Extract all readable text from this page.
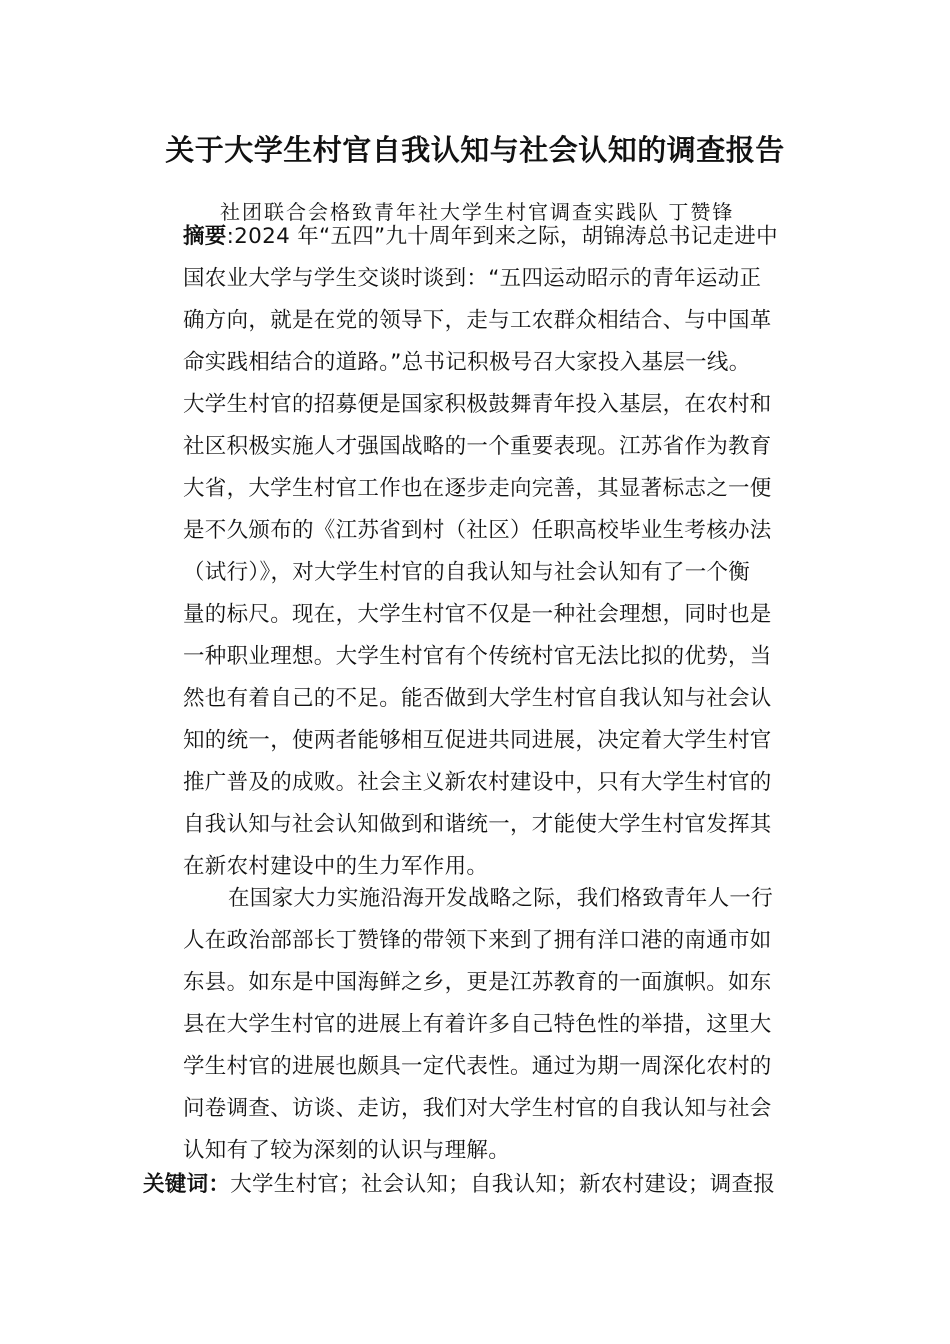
关于大学生村官自我认知与社会认知的调查报告
社团联合会格致青年社大学生村官调查实践队 丁赞锋
摘要:2024 年“五四”九十周年到来之际，胡锦涛总书记走进中
国农业大学与学生交谈时谈到：“五四运动昭示的青年运动正
确方向，就是在党的领导下，走与工农群众相结合、与中国革
命实践相结合的道路。”总书记积极号召大家投入基层一线。
大学生村官的招募便是国家积极鼓舞青年投入基层，在农村和
社区积极实施人才强国战略的一个重要表现。江苏省作为教育
大省，大学生村官工作也在逐步走向完善，其显著标志之一便
是不久颁布的《江苏省到村（社区）任职高校毕业生考核办法
（试行）》，对大学生村官的自我认知与社会认知有了一个衡
量的标尺。现在，大学生村官不仅是一种社会理想，同时也是
一种职业理想。大学生村官有个传统村官无法比拟的优势，当
然也有着自己的不足。能否做到大学生村官自我认知与社会认
知的统一，使两者能够相互促进共同进展，决定着大学生村官
推广普及的成败。社会主义新农村建设中，只有大学生村官的
自我认知与社会认知做到和谐统一，才能使大学生村官发挥其
在新农村建设中的生力军作用。
在国家大力实施沿海开发战略之际，我们格致青年人一行
人在政治部部长丁赞锋的带领下来到了拥有洋口港的南通市如
东县。如东是中国海鲜之乡，更是江苏教育的一面旗帜。如东
县在大学生村官的进展上有着许多自己特色性的举措，这里大
学生村官的进展也颇具一定代表性。通过为期一周深化农村的
问卷调查、访谈、走访，我们对大学生村官的自我认知与社会
认知有了较为深刻的认识与理解。
关键词：大学生村官；社会认知；自我认知；新农村建设；调查报
